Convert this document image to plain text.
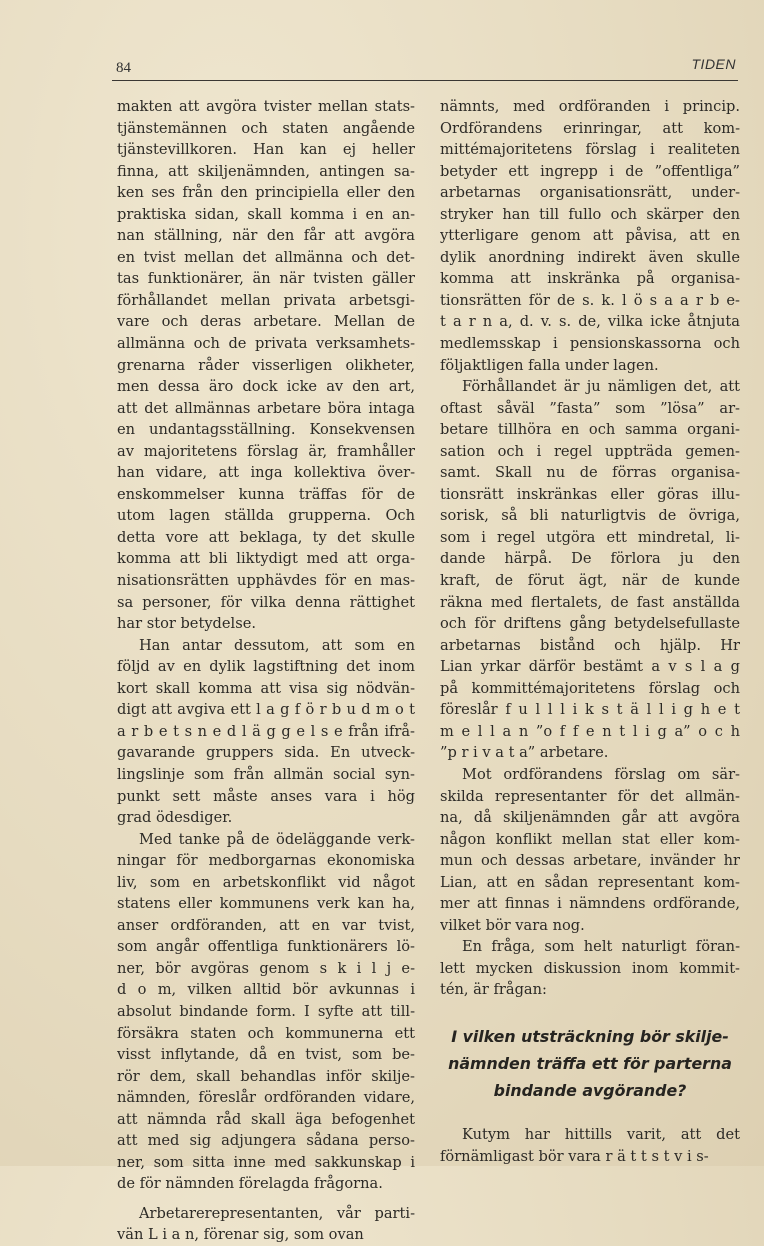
84	TIDEN
makten att avgöra tvister mellan stats-
tjänstemännen och staten angående
tjänstevillkoren. Han kan ej heller
finna, att skiljenämnden, antingen sa-
ken ses från den principiella eller den
praktiska sidan, skall komma i en an-
nan ställning, när den får att avgöra
en tvist mellan det allmänna och det-
tas funktionärer, än när tvisten gäller
förhållandet mellan privata arbetsgi-
vare och deras arbetare. Mellan de
allmänna och de privata verksamhets-
grenarna råder visserligen olikheter,
men dessa äro dock icke av den art,
att det allmännas arbetare böra intaga
en undantagsställning. Konsekvensen
av majoritetens förslag är, framhåller
han vidare, att inga kollektiva över-
enskommelser kunna träffas för de
utom lagen ställda grupperna. Och
detta vore att beklaga, ty det skulle
komma att bli liktydigt med att orga-
nisationsrätten upphävdes för en mas-
sa personer, för vilka denna rättighet
har stor betydelse.
Han antar dessutom, att som en
följd av en dylik lagstiftning det inom
kort skall komma att visa sig nödvän-
digt att avgiva ett l a g f ö r b u d m o t
a r b e t s n e d l ä g g e l s e från ifrå-
gavarande gruppers sida. En utveck-
lingslinje som från allmän social syn-
punkt sett måste anses vara i hög
grad ödesdiger.
Med tanke på de ödeläggande verk-
ningar för medborgarnas ekonomiska
liv, som en arbetskonflikt vid något
statens eller kommunens verk kan ha,
anser ordföranden, att en var tvist,
som angår offentliga funktionärers lö-
ner, bör avgöras genom s k i l j e-
d o m, vilken alltid bör avkunnas i
absolut bindande form. I syfte att till-
försäkra staten och kommunerna ett
visst inflytande, då en tvist, som be-
rör dem, skall behandlas inför skilje-
nämnden, föreslår ordföranden vidare,
att nämnda råd skall äga befogenhet
att med sig adjungera sådana perso-
ner, som sitta inne med sakkunskap i
de för nämnden förelagda frågorna.
Arbetarerepresentanten, vår parti-
vän L i a n, förenar sig, som ovan
nämnts, med ordföranden i princip.
Ordförandens erinringar, att kom-
mittémajoritetens förslag i realiteten
betyder ett ingrepp i de ”offentliga”
arbetarnas organisationsrätt, under-
stryker han till fullo och skärper den
ytterligare genom att påvisa, att en
dylik anordning indirekt även skulle
komma att inskränka på organisa-
tionsrätten för de s. k. l ö s a a r b e-
t a r n a, d. v. s. de, vilka icke åtnjuta
medlemsskap i pensionskassorna och
följaktligen falla under lagen.
Förhållandet är ju nämligen det, att
oftast såväl ”fasta” som ”lösa” ar-
betare tillhöra en och samma organi-
sation och i regel uppträda gemen-
samt. Skall nu de förras organisa-
tionsrätt inskränkas eller göras illu-
sorisk, så bli naturligtvis de övriga,
som i regel utgöra ett mindretal, li-
dande härpå. De förlora ju den
kraft, de förut ägt, när de kunde
räkna med flertalets, de fast anställda
och för driftens gång betydelsefullaste
arbetarnas bistånd och hjälp. Hr
Lian yrkar därför bestämt a v s l a g
på kommittémajoritetens förslag och
föreslår f u l l l i k s t ä l l i g h e t
m e l l a n ”o f f e n t l i g a” o c h
”p r i v a t a” arbetare.
Mot ordförandens förslag om sär-
skilda representanter för det allmän-
na, då skiljenämnden går att avgöra
någon konflikt mellan stat eller kom-
mun och dessas arbetare, invänder hr
Lian, att en sådan representant kom-
mer att finnas i nämndens ordförande,
vilket bör vara nog.
En fråga, som helt naturligt föran-
lett mycken diskussion inom kommit-
tén, är frågan:
I vilken utsträckning bör skilje-
nämnden träffa ett för parterna
bindande avgörande?
Kutym har hittills varit, att det
förnämligast bör vara r ä t t s t v i s-
